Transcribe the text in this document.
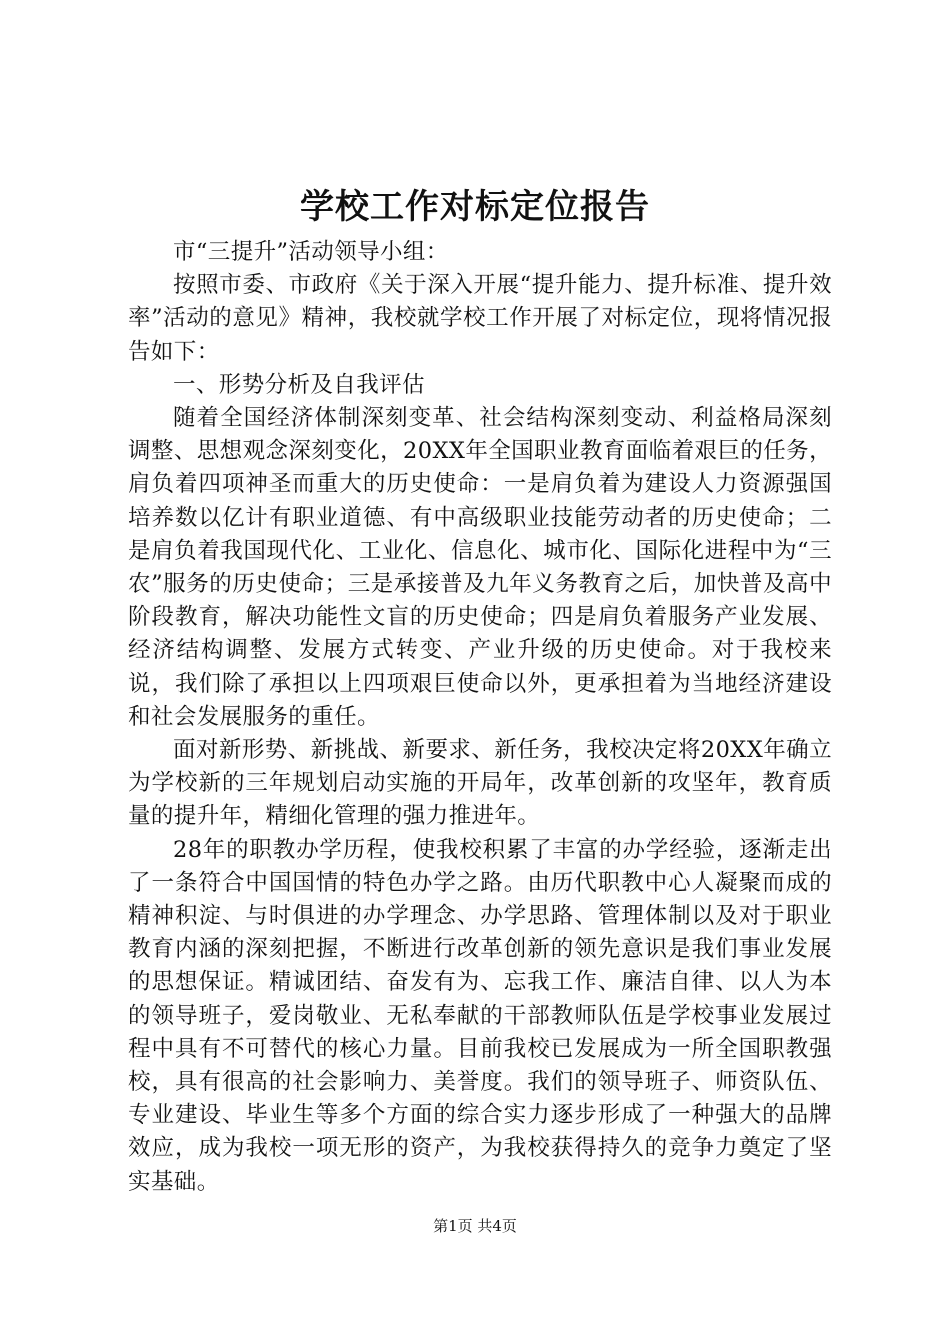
学校工作对标定位报告

市“三提升”活动领导小组：

按照市委、市政府《关于深入开展“提升能力、提升标准、提升效率”活动的意见》精神，我校就学校工作开展了对标定位，现将情况报告如下：

一、形势分析及自我评估

随着全国经济体制深刻变革、社会结构深刻变动、利益格局深刻调整、思想观念深刻变化，20XX年全国职业教育面临着艰巨的任务，肩负着四项神圣而重大的历史使命：一是肩负着为建设人力资源强国培养数以亿计有职业道德、有中高级职业技能劳动者的历史使命；二是肩负着我国现代化、工业化、信息化、城市化、国际化进程中为“三农”服务的历史使命；三是承接普及九年义务教育之后，加快普及高中阶段教育，解决功能性文盲的历史使命；四是肩负着服务产业发展、经济结构调整、发展方式转变、产业升级的历史使命。对于我校来说，我们除了承担以上四项艰巨使命以外，更承担着为当地经济建设和社会发展服务的重任。

面对新形势、新挑战、新要求、新任务，我校决定将20XX年确立为学校新的三年规划启动实施的开局年，改革创新的攻坚年，教育质量的提升年，精细化管理的强力推进年。

28年的职教办学历程，使我校积累了丰富的办学经验，逐渐走出了一条符合中国国情的特色办学之路。由历代职教中心人凝聚而成的精神积淀、与时俱进的办学理念、办学思路、管理体制以及对于职业教育内涵的深刻把握，不断进行改革创新的领先意识是我们事业发展的思想保证。精诚团结、奋发有为、忘我工作、廉洁自律、以人为本的领导班子，爱岗敬业、无私奉献的干部教师队伍是学校事业发展过程中具有不可替代的核心力量。目前我校已发展成为一所全国职教强校，具有很高的社会影响力、美誉度。我们的领导班子、师资队伍、专业建设、毕业生等多个方面的综合实力逐步形成了一种强大的品牌效应，成为我校一项无形的资产，为我校获得持久的竞争力奠定了坚实基础。

第1页 共4页
